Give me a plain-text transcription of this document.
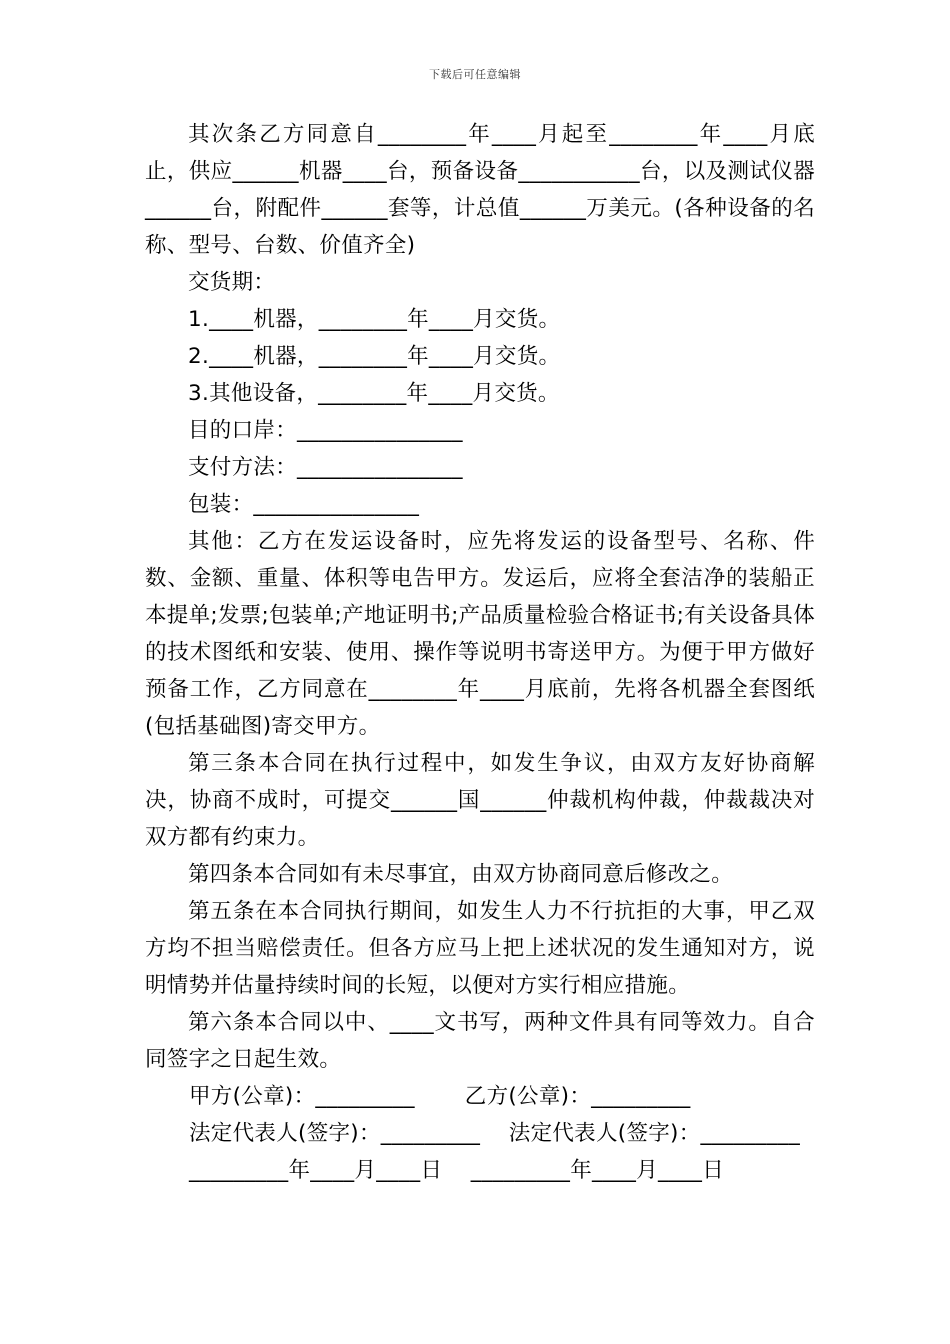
下载后可任意编辑

其次条乙方同意自________年____月起至________年____月底止，供应______机器____台，预备设备___________台，以及测试仪器______台，附配件______套等，计总值______万美元。(各种设备的名称、型号、台数、价值齐全)

交货期：

1.____机器，________年____月交货。

2.____机器，________年____月交货。

3.其他设备，________年____月交货。

目的口岸：_______________

支付方法：_______________

包装：_______________

其他：乙方在发运设备时，应先将发运的设备型号、名称、件数、金额、重量、体积等电告甲方。发运后，应将全套洁净的装船正本提单;发票;包装单;产地证明书;产品质量检验合格证书;有关设备具体的技术图纸和安装、使用、操作等说明书寄送甲方。为便于甲方做好预备工作，乙方同意在________年____月底前，先将各机器全套图纸(包括基础图)寄交甲方。

第三条本合同在执行过程中，如发生争议，由双方友好协商解决，协商不成时，可提交______国______仲裁机构仲裁，仲裁裁决对双方都有约束力。

第四条本合同如有未尽事宜，由双方协商同意后修改之。

第五条在本合同执行期间，如发生人力不行抗拒的大事，甲乙双方均不担当赔偿责任。但各方应马上把上述状况的发生通知对方，说明情势并估量持续时间的长短，以便对方实行相应措施。

第六条本合同以中、____文书写，两种文件具有同等效力。自合同签字之日起生效。

甲方(公章)：_________       乙方(公章)：_________

法定代表人(签字)：_________    法定代表人(签字)：_________

_________年____月____日    _________年____月____日
